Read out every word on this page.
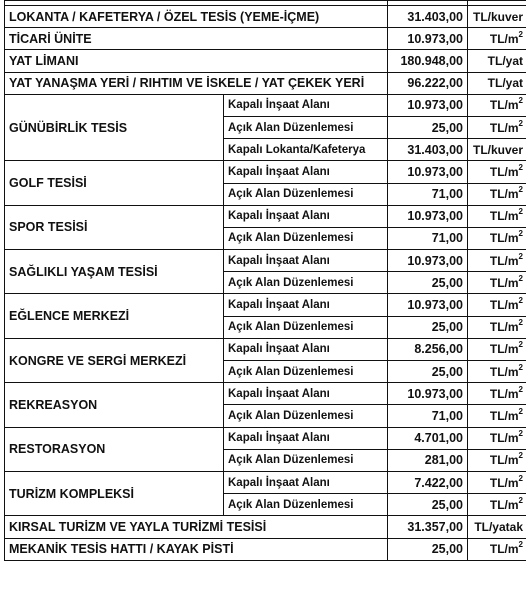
LOKANTA / KAFETERYA / ÖZEL TESİS (YEME-İÇME)		31.403,00	TL/kuver
TİCARİ ÜNİTE		10.973,00	$TL/m^2$
YAT LİMANI		180.948,00	TL/yat
YAT YANAŞMA YERİ / RIHTIM VE İSKELE / YAT ÇEKEK YERİ		96.222,00	TL/yat
GÜNÜBİRLİK TESİS	Kapalı İnşaat Alanı	10.973,00	$TL/m^2$
	Açık Alan Düzenlemesi	25,00	$TL/m^2$
	Kapalı Lokanta/Kafeterya	31.403,00	TL/kuver
GOLF TESİSİ	Kapalı İnşaat Alanı	10.973,00	$TL/m^2$
	Açık Alan Düzenlemesi	71,00	$TL/m^2$
SPOR TESİSİ	Kapalı İnşaat Alanı	10.973,00	$TL/m^2$
	Açık Alan Düzenlemesi	71,00	$TL/m^2$
SAĞLIKLI YAŞAM TESİSİ	Kapalı İnşaat Alanı	10.973,00	$TL/m^2$
	Açık Alan Düzenlemesi	25,00	$TL/m^2$
EĞLENCE MERKEZİ	Kapalı İnşaat Alanı	10.973,00	$TL/m^2$
	Açık Alan Düzenlemesi	25,00	$TL/m^2$
KONGRE VE SERGİ MERKEZİ	Kapalı İnşaat Alanı	8.256,00	$TL/m^2$
	Açık Alan Düzenlemesi	25,00	$TL/m^2$
REKREASYON	Kapalı İnşaat Alanı	10.973,00	$TL/m^2$
	Açık Alan Düzenlemesi	71,00	$TL/m^2$
RESTORASYON	Kapalı İnşaat Alanı	4.701,00	$TL/m^2$
	Açık Alan Düzenlemesi	281,00	$TL/m^2$
TURİZM KOMPLEKSİ	Kapalı İnşaat Alanı	7.422,00	$TL/m^2$
	Açık Alan Düzenlemesi	25,00	$TL/m^2$
KIRSAL TURİZM VE YAYLA TURİZMİ TESİSİ		31.357,00	TL/yatak
MEKANİK TESİS HATTI / KAYAK PİSTİ		25,00	$TL/m^2$
